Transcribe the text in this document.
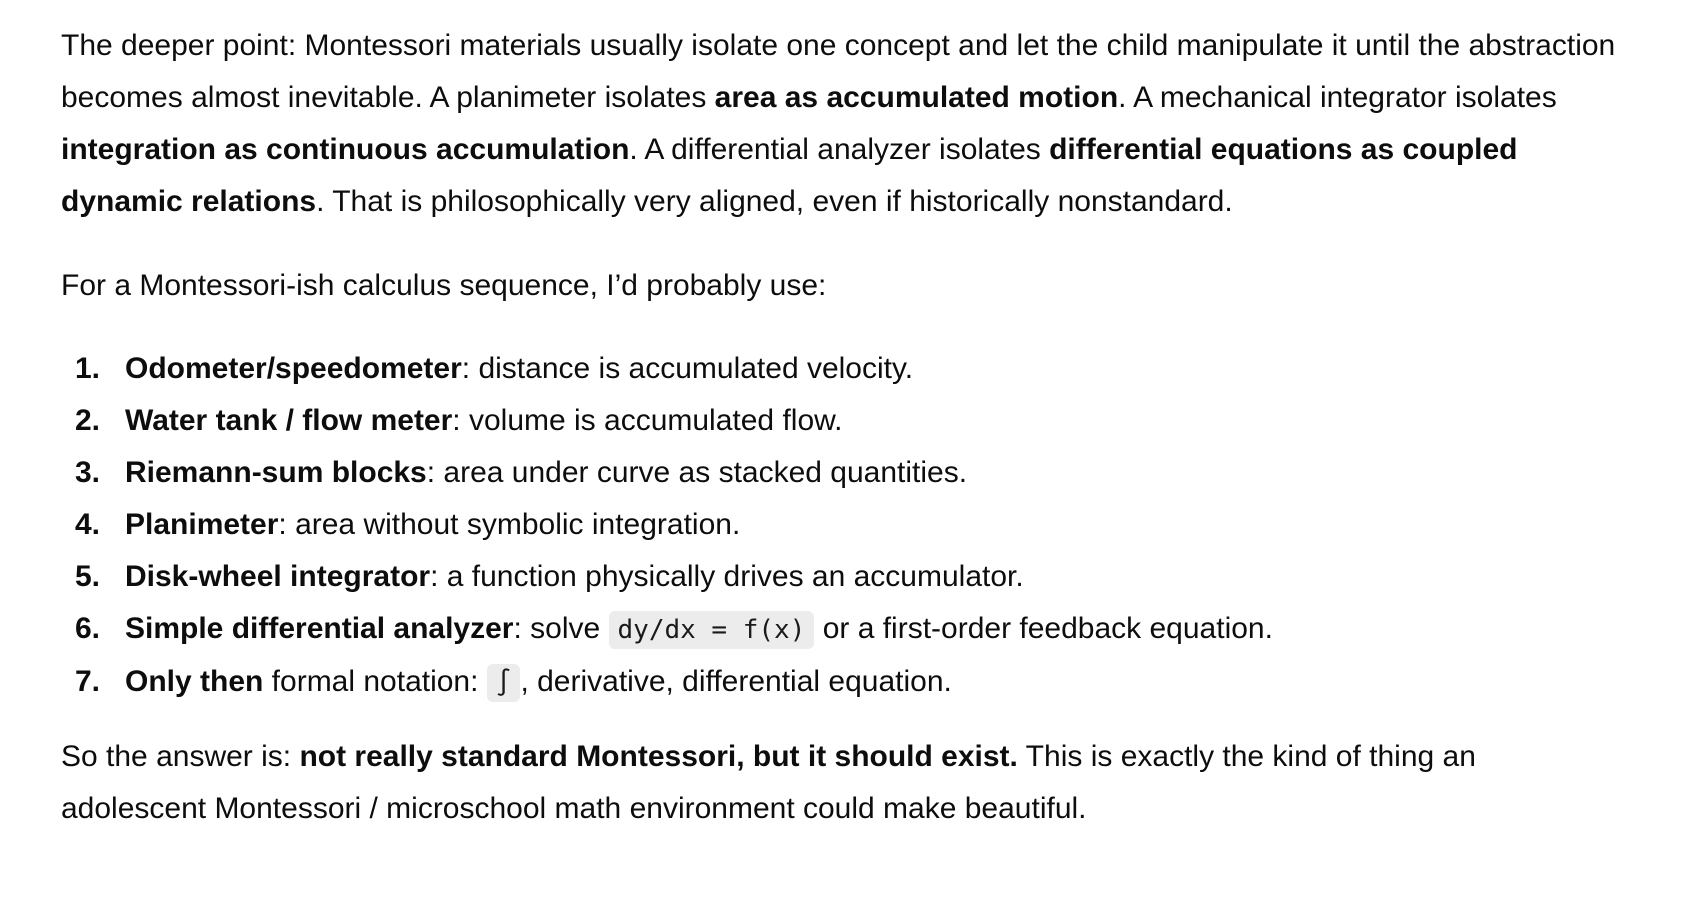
The deeper point: Montessori materials usually isolate one concept and let the child manipulate it until the abstraction becomes almost inevitable. A planimeter isolates area as accumulated motion. A mechanical integrator isolates integration as continuous accumulation. A differential analyzer isolates differential equations as coupled dynamic relations. That is philosophically very aligned, even if historically nonstandard.

For a Montessori-ish calculus sequence, I’d probably use:

1. Odometer/speedometer: distance is accumulated velocity.
2. Water tank / flow meter: volume is accumulated flow.
3. Riemann-sum blocks: area under curve as stacked quantities.
4. Planimeter: area without symbolic integration.
5. Disk-wheel integrator: a function physically drives an accumulator.
6. Simple differential analyzer: solve dy/dx = f(x) or a first-order feedback equation.
7. Only then formal notation: ∫ , derivative, differential equation.

So the answer is: not really standard Montessori, but it should exist. This is exactly the kind of thing an adolescent Montessori / microschool math environment could make beautiful.
